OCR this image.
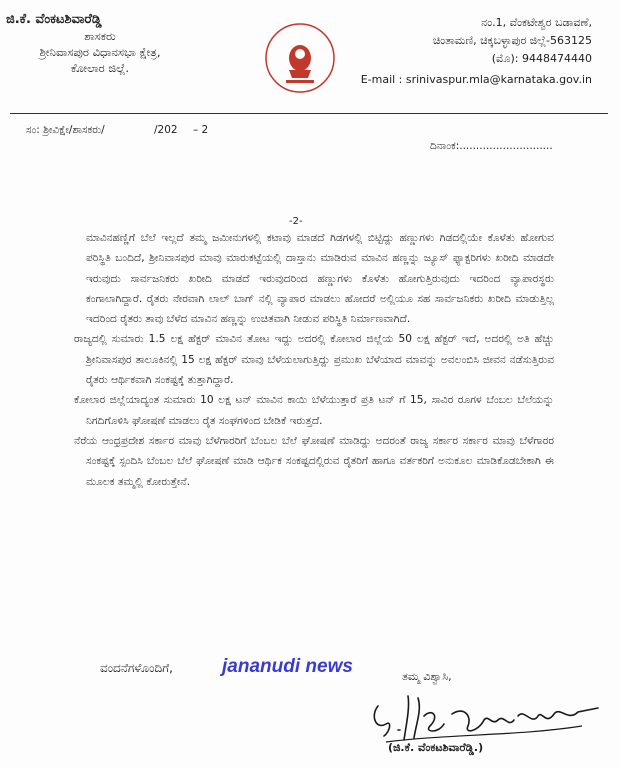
ಜಿ.ಕೆ. ವೆಂಕಟಶಿವಾರೆಡ್ಡಿ
ಶಾಸಕರು
ಶ್ರೀನಿವಾಸಪುರ ವಿಧಾನಸಭಾ ಕ್ಷೇತ್ರ,
ಕೋಲಾರ ಜಿಲ್ಲೆ.
ನಂ.1, ವೆಂಕಟೇಶ್ವರ ಬಡಾವಣೆ,
ಚಿಂತಾಮಣಿ, ಚಿಕ್ಕಬಳ್ಳಾಪುರ ಜಿಲ್ಲೆ-563125
(ಮೊ): 9448474440
E-mail : srinivaspur.mla@karnataka.gov.in
ಸಂ: ಶ್ರೀವಿಕ್ಷೇ/ಶಾಸಕರು/	/202 – 2
ದಿನಾಂಕ:............................
-2-

ಮಾವಿನಹಣ್ಣಿಗೆ ಬೆಲೆ ಇಲ್ಲದೆ ತಮ್ಮ ಜಮೀನುಗಳಲ್ಲಿ ಕಟಾವು ಮಾಡದೆ ಗಿಡಗಳಲ್ಲಿ ಬಿಟ್ಟಿದ್ದು ಹಣ್ಣುಗಳು ಗಿಡದಲ್ಲಿಯೇ ಕೊಳೆತು ಹೋಗುವ ಪರಿಸ್ಥಿತಿ ಬಂದಿದೆ, ಶ್ರೀನಿವಾಸಪುರ ಮಾವು ಮಾರುಕಟ್ಟೆಯಲ್ಲಿ ದಾಸ್ತಾನು ಮಾಡಿರುವ ಮಾವಿನ ಹಣ್ಣನ್ನು ಜ್ಯೂಸ್ ಫ್ಯಾಕ್ಟರಿಗಳು ಖರೀದಿ ಮಾಡದೇ ಇರುವುದು ಸಾರ್ವಜನಿಕರು ಖರೀದಿ ಮಾಡದೆ ಇರುವುದರಿಂದ ಹಣ್ಣುಗಳು ಕೊಳೆತು ಹೋಗುತ್ತಿರುವುದು ಇದರಿಂದ ವ್ಯಾಪಾರಸ್ಥರು ಕಂಗಾಲಾಗಿದ್ದಾರೆ. ರೈತರು ನೇರವಾಗಿ ಲಾಲ್ ಬಾಗ್ ನಲ್ಲಿ ವ್ಯಾಪಾರ ಮಾಡಲು ಹೋದರೆ ಅಲ್ಲಿಯೂ ಸಹ ಸಾರ್ವಜನಿಕರು ಖರೀದಿ ಮಾಡುತ್ತಿಲ್ಲ ಇದರಿಂದ ರೈತರು ತಾವು ಬೆಳೆದ ಮಾವಿನ ಹಣ್ಣನ್ನು ಉಚಿತವಾಗಿ ನೀಡುವ ಪರಿಸ್ಥಿತಿ ನಿರ್ಮಾಣವಾಗಿದೆ.

ರಾಜ್ಯದಲ್ಲಿ ಸುಮಾರು 1.5 ಲಕ್ಷ ಹೆಕ್ಟರ್ ಮಾವಿನ ತೋಟ ಇದ್ದು ಅದರಲ್ಲಿ ಕೋಲಾರ ಜಿಲ್ಲೆಯ 50 ಲಕ್ಷ ಹೆಕ್ಟರ್ ಇದೆ, ಅದರಲ್ಲಿ ಅತಿ ಹೆಚ್ಚು ಶ್ರೀನಿವಾಸಪುರ ತಾಲೂಕಿನಲ್ಲಿ 15 ಲಕ್ಷ ಹೆಕ್ಟರ್ ಮಾವು ಬೆಳೆಯಲಾಗುತ್ತಿದ್ದು ಪ್ರಮುಖ ಬೆಳೆಯಾದ ಮಾವನ್ನು ಅವಲಂಬಿಸಿ ಜೀವನ ನಡೆಸುತ್ತಿರುವ ರೈತರು ಆರ್ಥಿಕವಾಗಿ ಸಂಕಷ್ಟಕ್ಕೆ ತುತ್ತಾಗಿದ್ದಾರೆ.

ಕೋಲಾರ ಜಿಲ್ಲೆಯಾದ್ಯಂತ ಸುಮಾರು 10 ಲಕ್ಷ ಟನ್ ಮಾವಿನ ಕಾಯಿ ಬೆಳೆಯುತ್ತಾರೆ ಪ್ರತಿ ಟನ್ ಗೆ 15, ಸಾವಿರ ರೂಗಳ ಬೆಂಬಲ ಬೆಲೆಯನ್ನು ನಿಗದಿಗೊಳಿಸಿ ಘೋಷಣೆ ಮಾಡಲು ರೈತ ಸಂಘಗಳಿಂದ ಬೇಡಿಕೆ ಇರುತ್ತದೆ.

ನೆರೆಯ ಆಂಧ್ರಪ್ರದೇಶ ಸರ್ಕಾರ ಮಾವು ಬೆಳೆಗಾರರಿಗೆ ಬೆಂಬಲ ಬೆಲೆ ಘೋಷಣೆ ಮಾಡಿದ್ದು ಅದರಂತೆ ರಾಜ್ಯ ಸರ್ಕಾರ ಸರ್ಕಾರ ಮಾವು ಬೆಳೆಗಾರರ ಸಂಕಷ್ಟಕ್ಕೆ ಸ್ಪಂದಿಸಿ ಬೆಂಬಲ ಬೆಲೆ ಘೋಷಣೆ ಮಾಡಿ ಆರ್ಥಿಕ ಸಂಕಷ್ಟದಲ್ಲಿರುವ ರೈತರಿಗೆ ಹಾಗೂ ವರ್ತಕರಿಗೆ ಅನುಕೂಲ ಮಾಡಿಕೊಡಬೇಕಾಗಿ ಈ ಮೂಲಕ ತಮ್ಮಲ್ಲಿ ಕೋರುತ್ತೇನೆ.

ವಂದನೆಗಳೊಂದಿಗೆ,	jananudi news	ತಮ್ಮ ವಿಶ್ವಾಸಿ,
(ಜಿ.ಕೆ. ವೆಂಕಟಶಿವಾರೆಡ್ಡಿ.)
